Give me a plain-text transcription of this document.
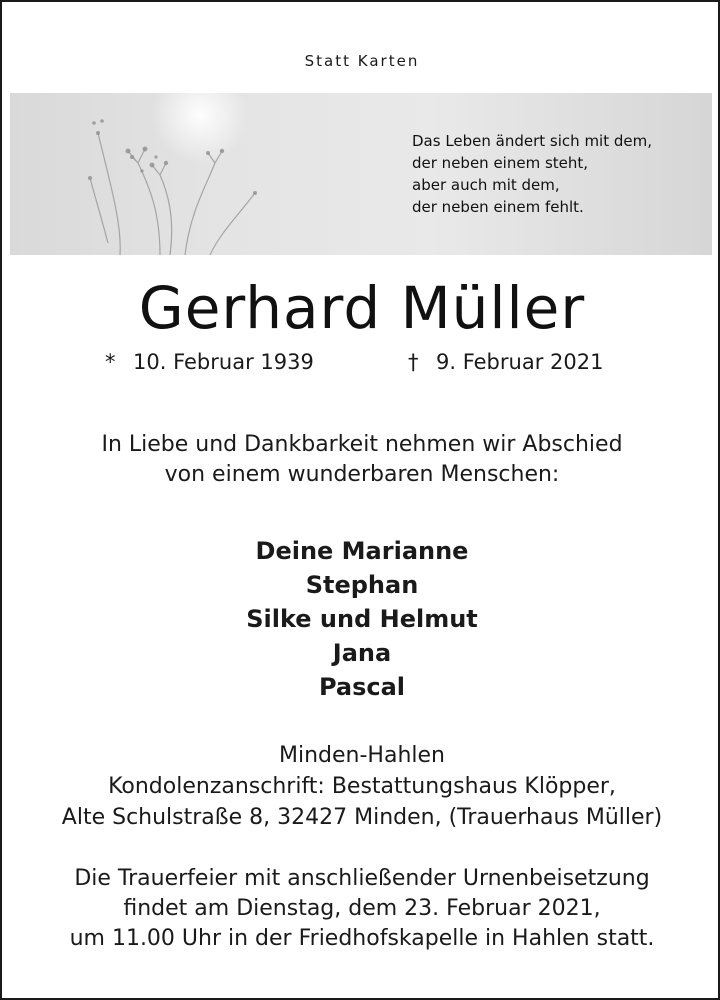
Statt Karten
Das Leben ändert sich mit dem,
der neben einem steht,
aber auch mit dem,
der neben einem fehlt.
Gerhard Müller
* 10. Februar 1939	† 9. Februar 2021
In Liebe und Dankbarkeit nehmen wir Abschied
von einem wunderbaren Menschen:
Deine Marianne
Stephan
Silke und Helmut
Jana
Pascal
Minden-Hahlen
Kondolenzanschrift: Bestattungshaus Klöpper,
Alte Schulstraße 8, 32427 Minden, (Trauerhaus Müller)
Die Trauerfeier mit anschließender Urnenbeisetzung
findet am Dienstag, dem 23. Februar 2021,
um 11.00 Uhr in der Friedhofskapelle in Hahlen statt.
